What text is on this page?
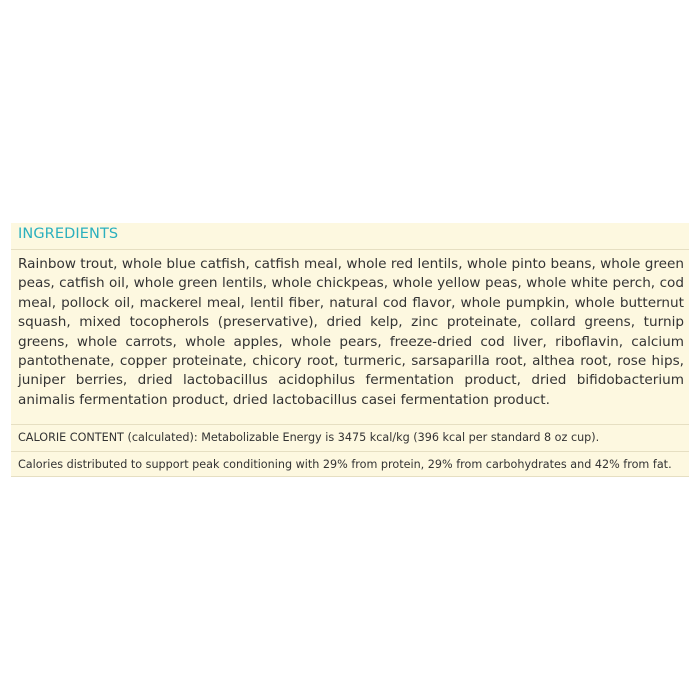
INGREDIENTS

Rainbow trout, whole blue catfish, catfish meal, whole red lentils, whole pinto beans, whole green peas, catfish oil, whole green lentils, whole chickpeas, whole yellow peas, whole white perch, cod meal, pollock oil, mackerel meal, lentil fiber, natural cod flavor, whole pumpkin, whole butternut squash, mixed tocopherols (preservative), dried kelp, zinc proteinate, collard greens, turnip greens, whole carrots, whole apples, whole pears, freeze-dried cod liver, riboflavin, calcium pantothenate, copper proteinate, chicory root, turmeric, sarsaparilla root, althea root, rose hips, juniper berries, dried lactobacillus acidophilus fermentation product, dried bifidobacterium animalis fermentation product, dried lactobacillus casei fermentation product.

CALORIE CONTENT (calculated): Metabolizable Energy is 3475 kcal/kg (396 kcal per standard 8 oz cup).

Calories distributed to support peak conditioning with 29% from protein, 29% from carbohydrates and 42% from fat.
